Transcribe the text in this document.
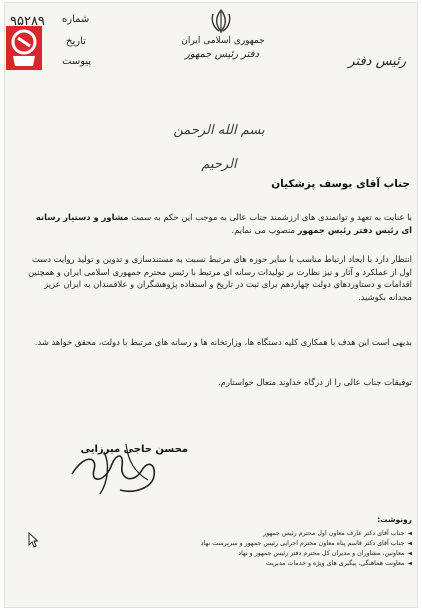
۹۵۲۸۹ شماره
تاریخ
پیوست
جمهوری اسلامی ایران
دفتر رئیس جمهور	رئیس دفتر
بسم الله الرحمن الرحیم
جناب آقای یوسف پزشکیان
با عنایت به تعهد و توانمندی های ارزشمند جناب عالی به موجب این حکم به سمت مشاور و دستیار رسانه ای رئیس دفتر رئیس جمهور منصوب می نمایم.
انتظار دارد با ایجاد ارتباط مناسب با سایر حوزه های مرتبط نسبت به مستندسازی و تدوین و تولید روایت دست اول از عملکرد و آثار و نیز نظارت بر تولیدات رسانه ای مرتبط با رئیس محترم جمهوری اسلامی ایران و همچنین اقدامات و دستاوردهای دولت چهاردهم برای ثبت در تاریخ و استفاده پژوهشگران و علاقمندان به ایران عزیز مجدانه بکوشید.
بدیهی است این هدف با همکاری کلیه دستگاه ها، وزارتخانه ها و رسانه های مرتبط با دولت، محقق خواهد شد.
توفیقات جناب عالی را از درگاه خداوند متعال خواستارم.
محسن حاجی میرزایی
رونوشت:
◄ جناب آقای دکتر عارف معاون اول محترم رئیس جمهور
◄ جناب آقای دکتر قاسم پناه معاون محترم اجرایی رئیس جمهور و سرپرست نهاد
◄ معاونین، مشاوران و مدیران کل محترم دفتر رئیس جمهور و نهاد
◄ معاونت هماهنگی، پیگیری های ویژه و خدمات مدیریت
